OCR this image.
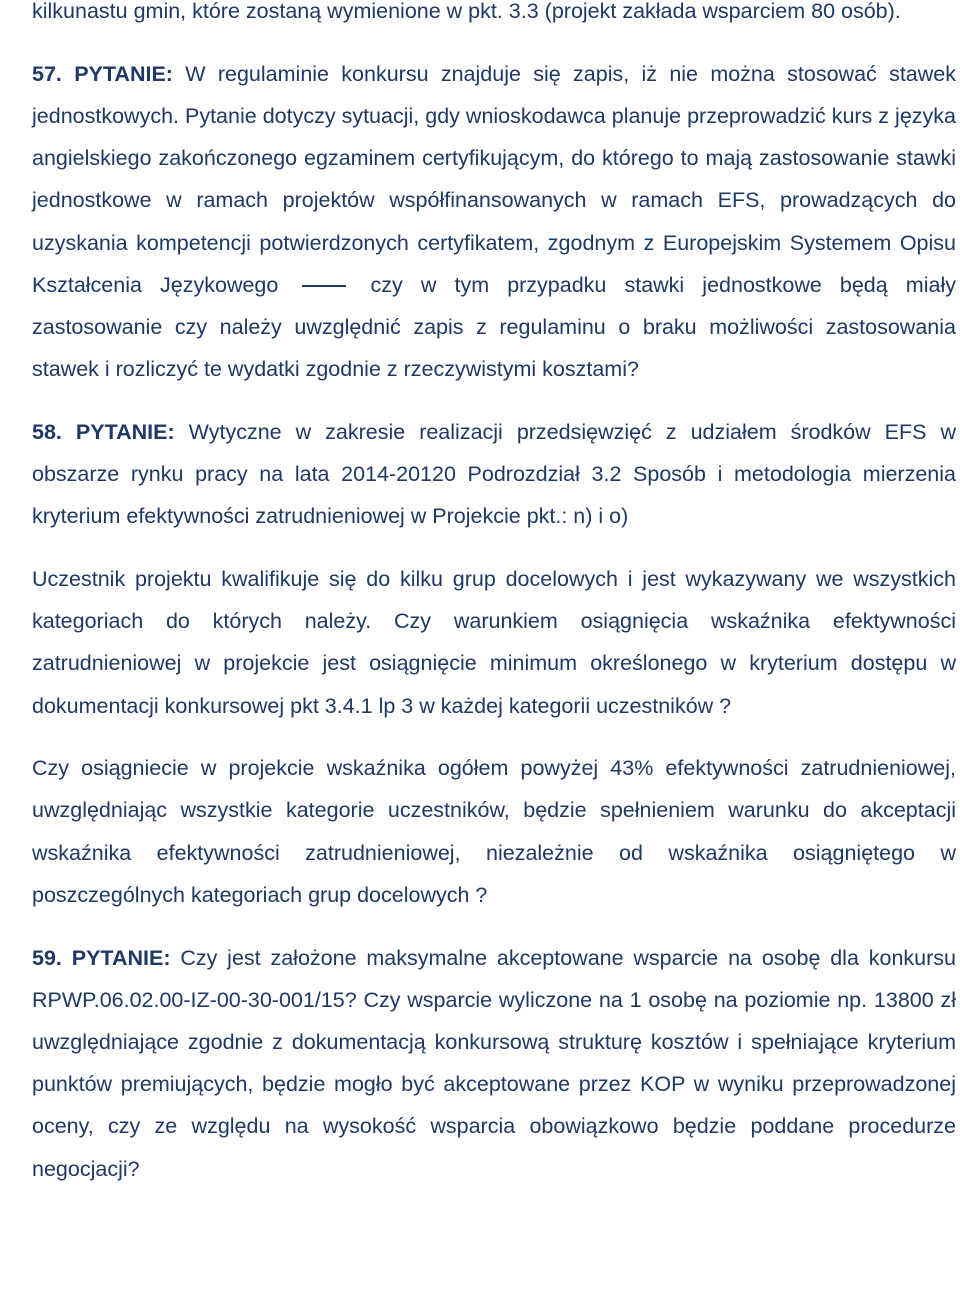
kilkunastu gmin, które zostaną wymienione w pkt. 3.3 (projekt zakłada wsparciem 80 osób).

57. PYTANIE: W regulaminie konkursu znajduje się zapis, iż nie można stosować stawek jednostkowych. Pytanie dotyczy sytuacji, gdy wnioskodawca planuje przeprowadzić kurs z języka angielskiego zakończonego egzaminem certyfikującym, do którego to mają zastosowanie stawki jednostkowe w ramach projektów współfinansowanych w ramach EFS, prowadzących do uzyskania kompetencji potwierdzonych certyfikatem, zgodnym z Europejskim Systemem Opisu Kształcenia Językowego	czy w tym przypadku stawki jednostkowe będą miały zastosowanie czy należy uwzględnić zapis z regulaminu o braku możliwości zastosowania stawek i rozliczyć te wydatki zgodnie z rzeczywistymi kosztami?

58. PYTANIE: Wytyczne w zakresie realizacji przedsięwzięć z udziałem środków EFS w obszarze rynku pracy na lata 2014-20120 Podrozdział 3.2 Sposób i metodologia mierzenia kryterium efektywności zatrudnieniowej w Projekcie pkt.: n) i o)

Uczestnik projektu kwalifikuje się do kilku grup docelowych i jest wykazywany we wszystkich kategoriach do których należy. Czy warunkiem osiągnięcia wskaźnika efektywności zatrudnieniowej w projekcie jest osiągnięcie minimum określonego w kryterium dostępu w dokumentacji konkursowej pkt 3.4.1 lp 3 w każdej kategorii uczestników ?

Czy osiągniecie w projekcie wskaźnika ogółem powyżej 43% efektywności zatrudnieniowej, uwzględniając wszystkie kategorie uczestników, będzie spełnieniem warunku do akceptacji wskaźnika efektywności zatrudnieniowej, niezależnie od wskaźnika osiągniętego w poszczególnych kategoriach grup docelowych ?

59. PYTANIE: Czy jest założone maksymalne akceptowane wsparcie na osobę dla konkursu RPWP.06.02.00-IZ-00-30-001/15? Czy wsparcie wyliczone na 1 osobę na poziomie np. 13800 zł uwzględniające zgodnie z dokumentacją konkursową strukturę kosztów i spełniające kryterium punktów premiujących, będzie mogło być akceptowane przez KOP w wyniku przeprowadzonej oceny, czy ze względu na wysokość wsparcia obowiązkowo będzie poddane procedurze negocjacji?
